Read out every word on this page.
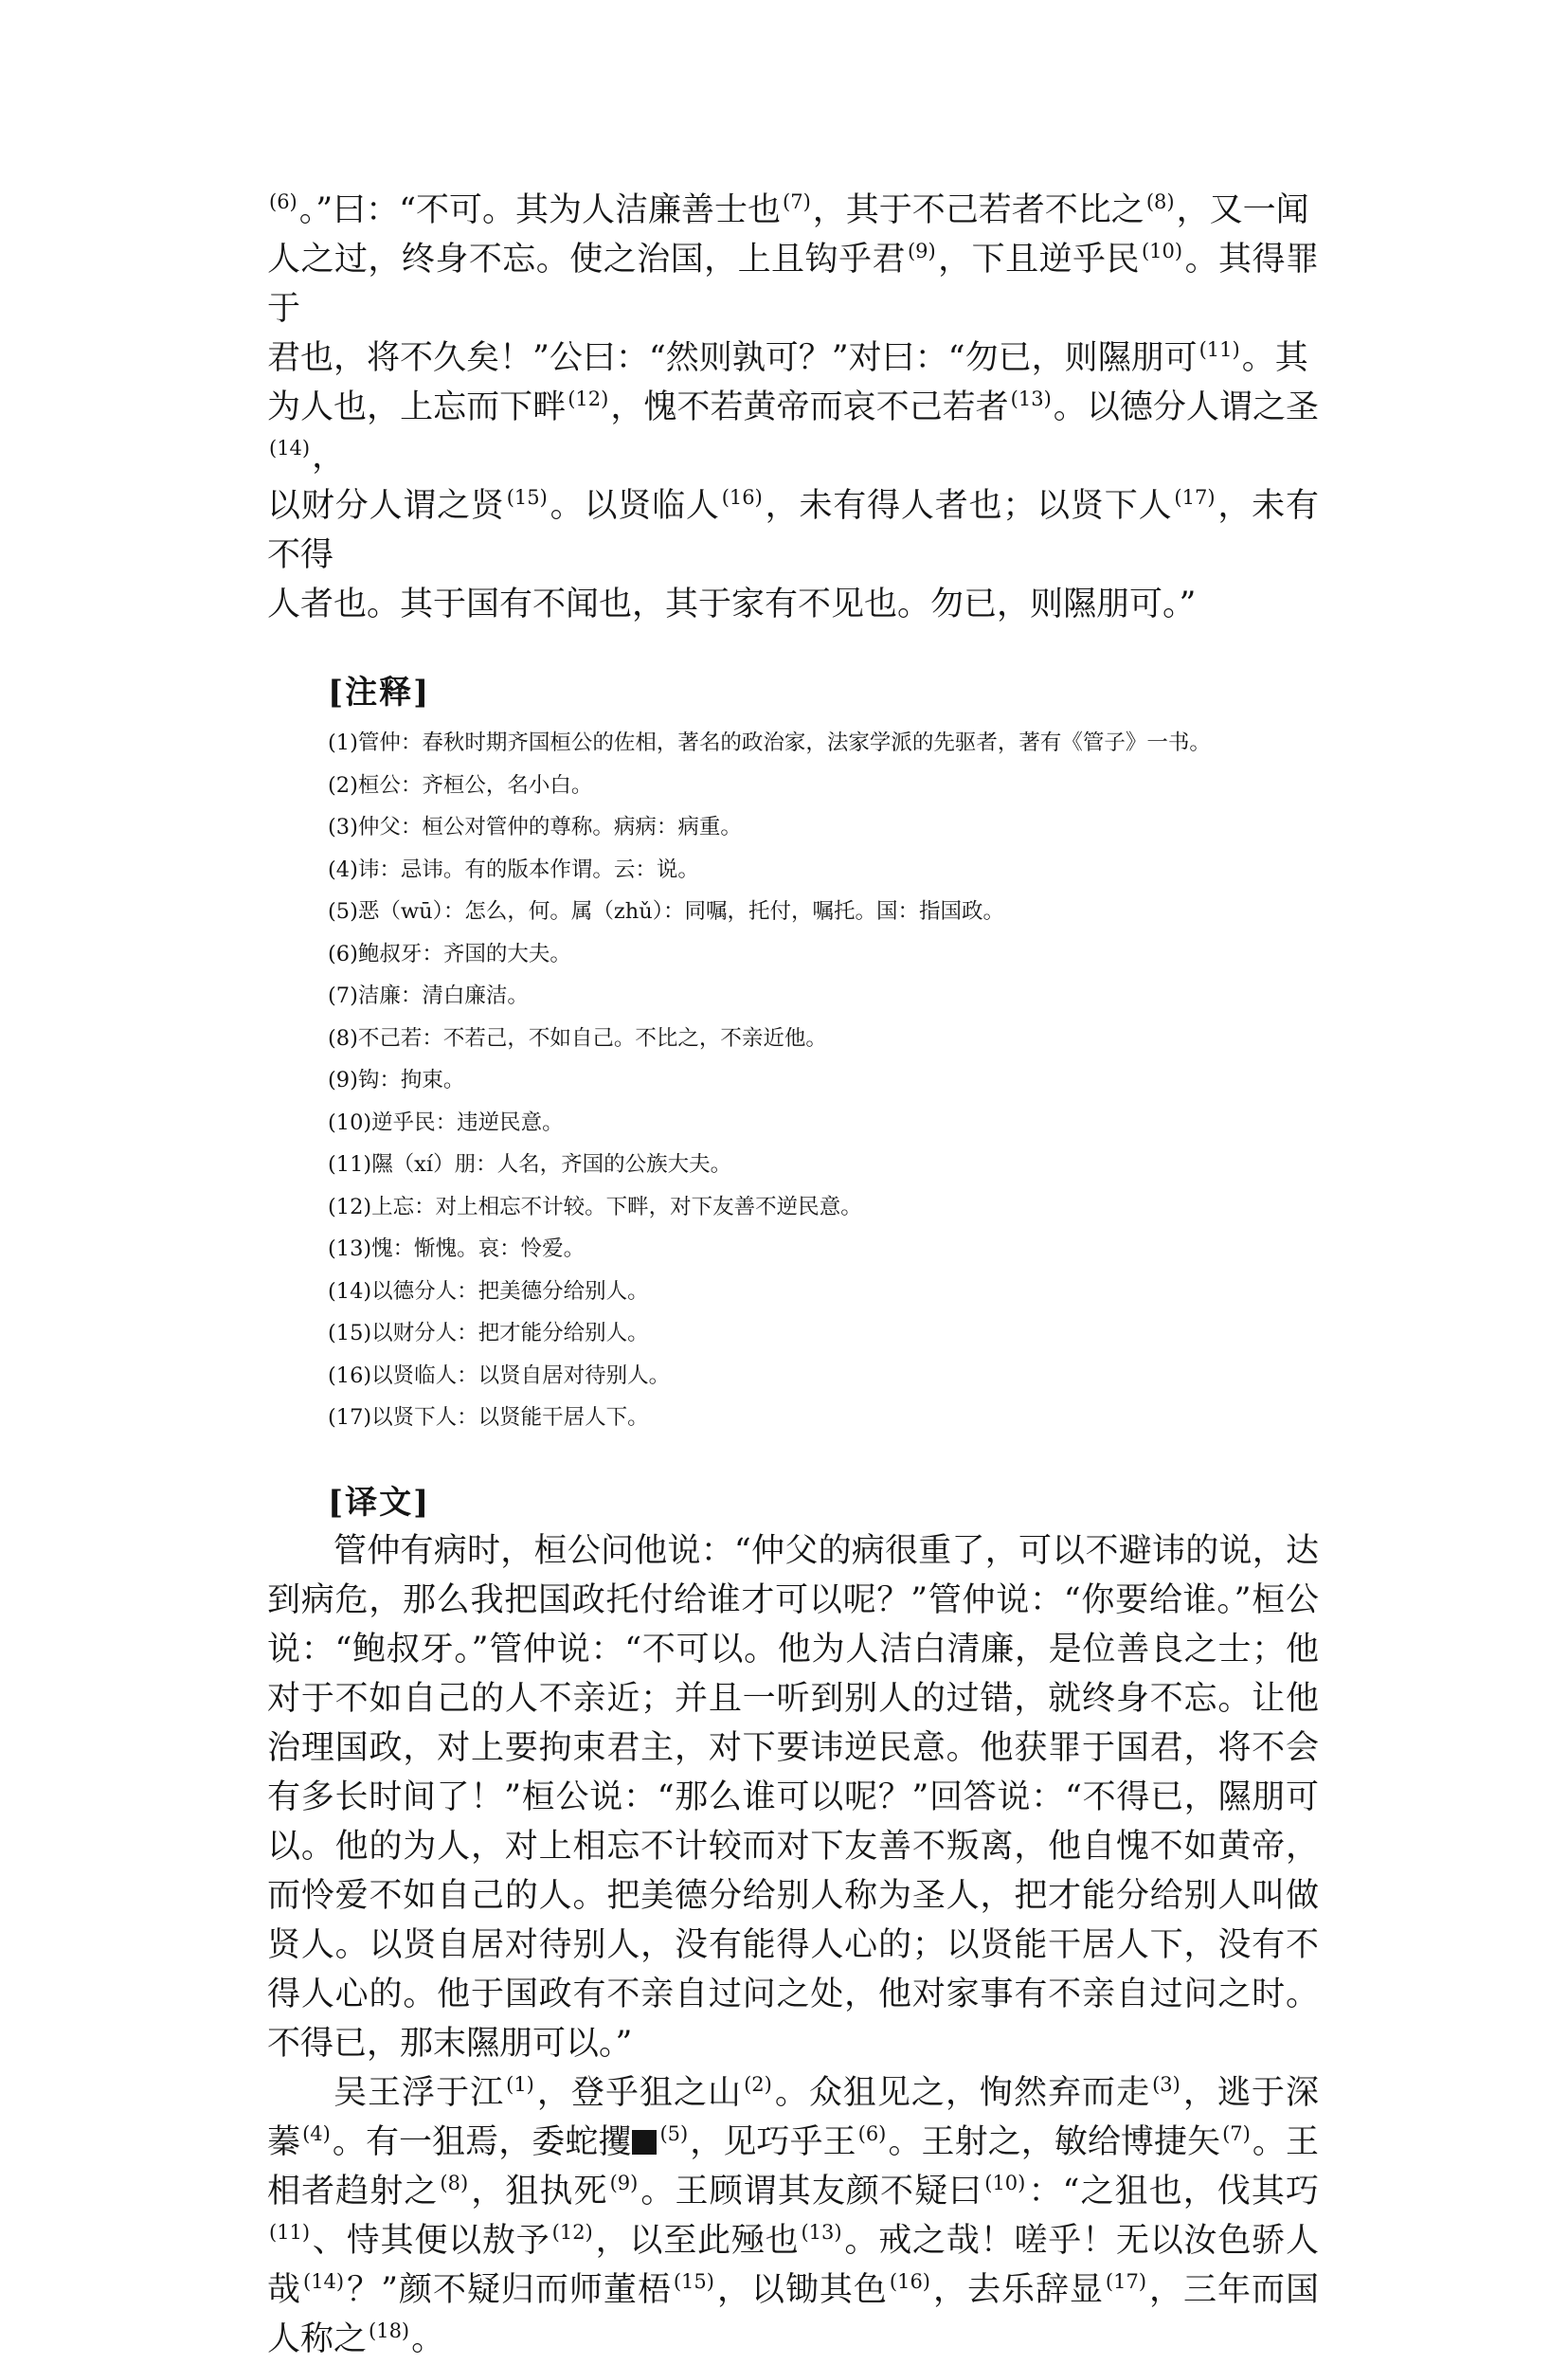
$^{(6)}$。”曰：“不可。其为人洁廉善士也$^{(7)}$，其于不己若者不比之$^{(8)}$，又一闻

人之过，终身不忘。使之治国，上且钩乎君$^{(9)}$，下且逆乎民$^{(10)}$。其得罪于

君也，将不久矣！”公曰：“然则孰可？”对曰：“勿已，则隰朋可$^{(11)}$。其

为人也，上忘而下畔$^{(12)}$，愧不若黄帝而哀不己若者$^{(13)}$。以德分人谓之圣$^{(14)}$，

以财分人谓之贤$^{(15)}$。以贤临人$^{(16)}$，未有得人者也；以贤下人$^{(17)}$，未有不得

人者也。其于国有不闻也，其于家有不见也。勿已，则隰朋可。”

[注释]
(1)管仲：春秋时期齐国桓公的佐相，著名的政治家，法家学派的先驱者，著有《管子》一书。
(2)桓公：齐桓公，名小白。
(3)仲父：桓公对管仲的尊称。病病：病重。
(4)讳：忌讳。有的版本作谓。云：说。
(5)恶（wū）：怎么，何。属（zhǔ）：同嘱，托付，嘱托。国：指国政。
(6)鲍叔牙：齐国的大夫。
(7)洁廉：清白廉洁。
(8)不己若：不若己，不如自己。不比之，不亲近他。
(9)钩：拘束。
(10)逆乎民：违逆民意。
(11)隰（xí）朋：人名，齐国的公族大夫。
(12)上忘：对上相忘不计较。下畔，对下友善不逆民意。
(13)愧：惭愧。哀：怜爱。
(14)以德分人：把美德分给别人。
(15)以财分人：把才能分给别人。
(16)以贤临人：以贤自居对待别人。
(17)以贤下人：以贤能干居人下。
[译文]

管仲有病时，桓公问他说：“仲父的病很重了，可以不避讳的说，达到病危，那么我把国政托付给谁才可以呢？”管仲说：“你要给谁。”桓公说：“鲍叔牙。”管仲说：“不可以。他为人洁白清廉，是位善良之士；他对于不如自己的人不亲近；并且一听到别人的过错，就终身不忘。让他治理国政，对上要拘束君主，对下要讳逆民意。他获罪于国君，将不会有多长时间了！”桓公说：“那么谁可以呢？”回答说：“不得已，隰朋可以。他的为人，对上相忘不计较而对下友善不叛离，他自愧不如黄帝，而怜爱不如自己的人。把美德分给别人称为圣人，把才能分给别人叫做贤人。以贤自居对待别人，没有能得人心的；以贤能干居人下，没有不得人心的。他于国政有不亲自过问之处，他对家事有不亲自过问之时。不得已，那末隰朋可以。”

吴王浮于江$^{(1)}$，登乎狙之山$^{(2)}$。众狙见之，恂然弃而走$^{(3)}$，逃于深蓁$^{(4)}$。有一狙焉，委蛇攫 $^{(5)}$，见巧乎王$^{(6)}$。王射之，敏给博捷矢$^{(7)}$。王相者趋射之$^{(8)}$，狙执死$^{(9)}$。王顾谓其友颜不疑曰$^{(10)}$：“之狙也，伐其巧$^{(11)}$、恃其便以敖予$^{(12)}$，以至此殛也$^{(13)}$。戒之哉！嗟乎！无以汝色骄人哉$^{(14)}$？”颜不疑归而师董梧$^{(15)}$，以锄其色$^{(16)}$，去乐辞显$^{(17)}$，三年而国人称之$^{(18)}$。
